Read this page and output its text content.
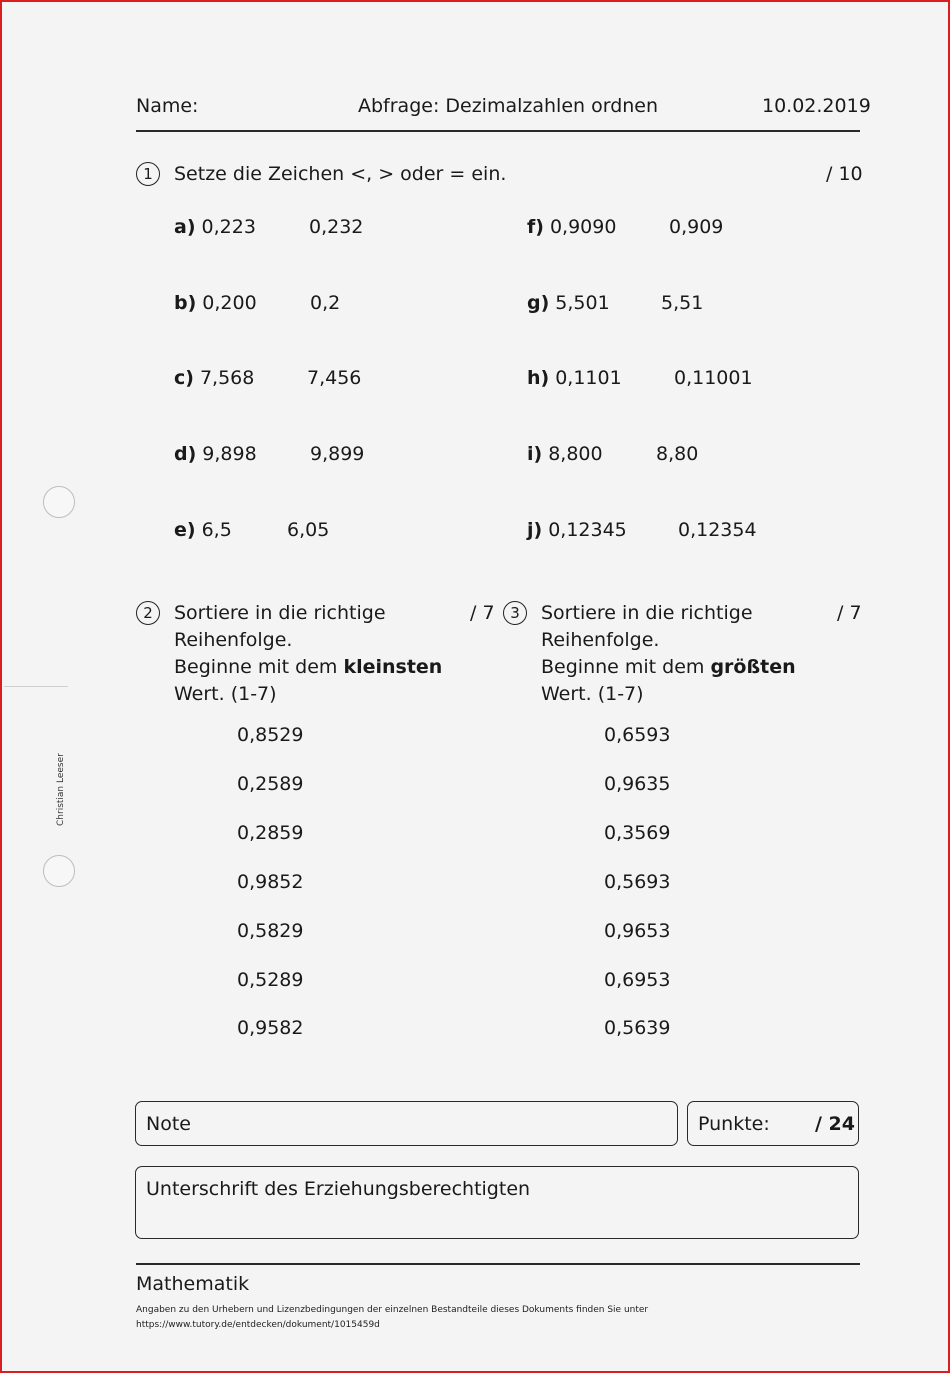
Christian Leeser
Name:	Abfrage: Dezimalzahlen ordnen	10.02.2019
1	Setze die Zeichen <, > oder = ein.	/ 10
a) 0,223	0,232
b) 0,200	0,2
c) 7,568	7,456
d) 9,898	9,899
e) 6,5	6,05
f) 0,9090	0,909
g) 5,501	5,51
h) 0,1101	0,11001
i) 8,800	8,80
j) 0,12345	0,12354
2	Sortiere in die richtige
Reihenfolge.
Beginne mit dem kleinsten
Wert. (1-7)
/ 7
0,8529
0,2589
0,2859
0,9852
0,5829
0,5289
0,9582
3	Sortiere in die richtige
Reihenfolge.
Beginne mit dem größten
Wert. (1-7)
/ 7
0,6593
0,9635
0,3569
0,5693
0,9653
0,6953
0,5639
Note	Punkte: / 24
Unterschrift des Erziehungsberechtigten
Mathematik
Angaben zu den Urhebern und Lizenzbedingungen der einzelnen Bestandteile dieses Dokuments finden Sie unter
https://www.tutory.de/entdecken/dokument/1015459d
